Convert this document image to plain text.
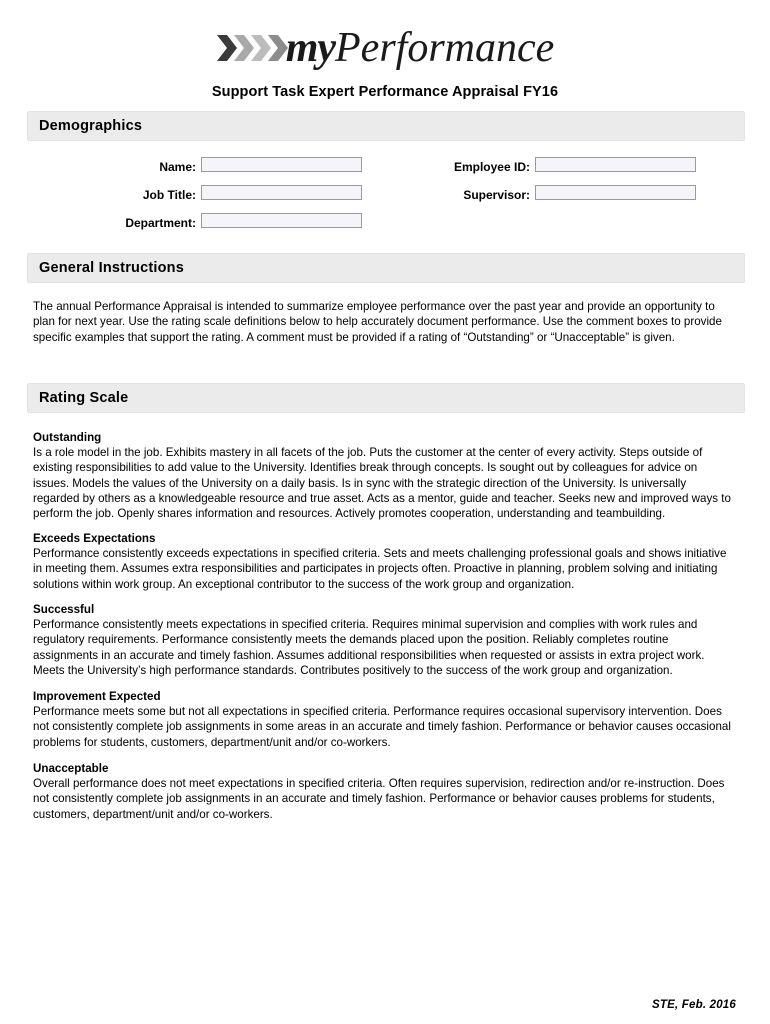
myPerformance
Support Task Expert Performance Appraisal FY16
Demographics
Name:
Job Title:
Department:
Employee ID:
Supervisor:
General Instructions
The annual Performance Appraisal is intended to summarize employee performance over the past year and provide an opportunity to plan for next year. Use the rating scale definitions below to help accurately document performance. Use the comment boxes to provide specific examples that support the rating. A comment must be provided if a rating of “Outstanding” or “Unacceptable” is given.
Rating Scale

Outstanding

Is a role model in the job. Exhibits mastery in all facets of the job. Puts the customer at the center of every activity. Steps outside of existing responsibilities to add value to the University. Identifies break through concepts. Is sought out by colleagues for advice on issues. Models the values of the University on a daily basis. Is in sync with the strategic direction of the University. Is universally regarded by others as a knowledgeable resource and true asset. Acts as a mentor, guide and teacher. Seeks new and improved ways to perform the job. Openly shares information and resources. Actively promotes cooperation, understanding and teambuilding.

Exceeds Expectations

Performance consistently exceeds expectations in specified criteria. Sets and meets challenging professional goals and shows initiative in meeting them. Assumes extra responsibilities and participates in projects often. Proactive in planning, problem solving and initiating solutions within work group. An exceptional contributor to the success of the work group and organization.

Successful

Performance consistently meets expectations in specified criteria. Requires minimal supervision and complies with work rules and regulatory requirements. Performance consistently meets the demands placed upon the position. Reliably completes routine assignments in an accurate and timely fashion. Assumes additional responsibilities when requested or assists in extra project work. Meets the University’s high performance standards. Contributes positively to the success of the work group and organization.

Improvement Expected

Performance meets some but not all expectations in specified criteria. Performance requires occasional supervisory intervention. Does not consistently complete job assignments in some areas in an accurate and timely fashion. Performance or behavior causes occasional problems for students, customers, department/unit and/or co-workers.

Unacceptable

Overall performance does not meet expectations in specified criteria. Often requires supervision, redirection and/or re-instruction. Does not consistently complete job assignments in an accurate and timely fashion. Performance or behavior causes problems for students, customers, department/unit and/or co-workers.

STE, Feb. 2016
